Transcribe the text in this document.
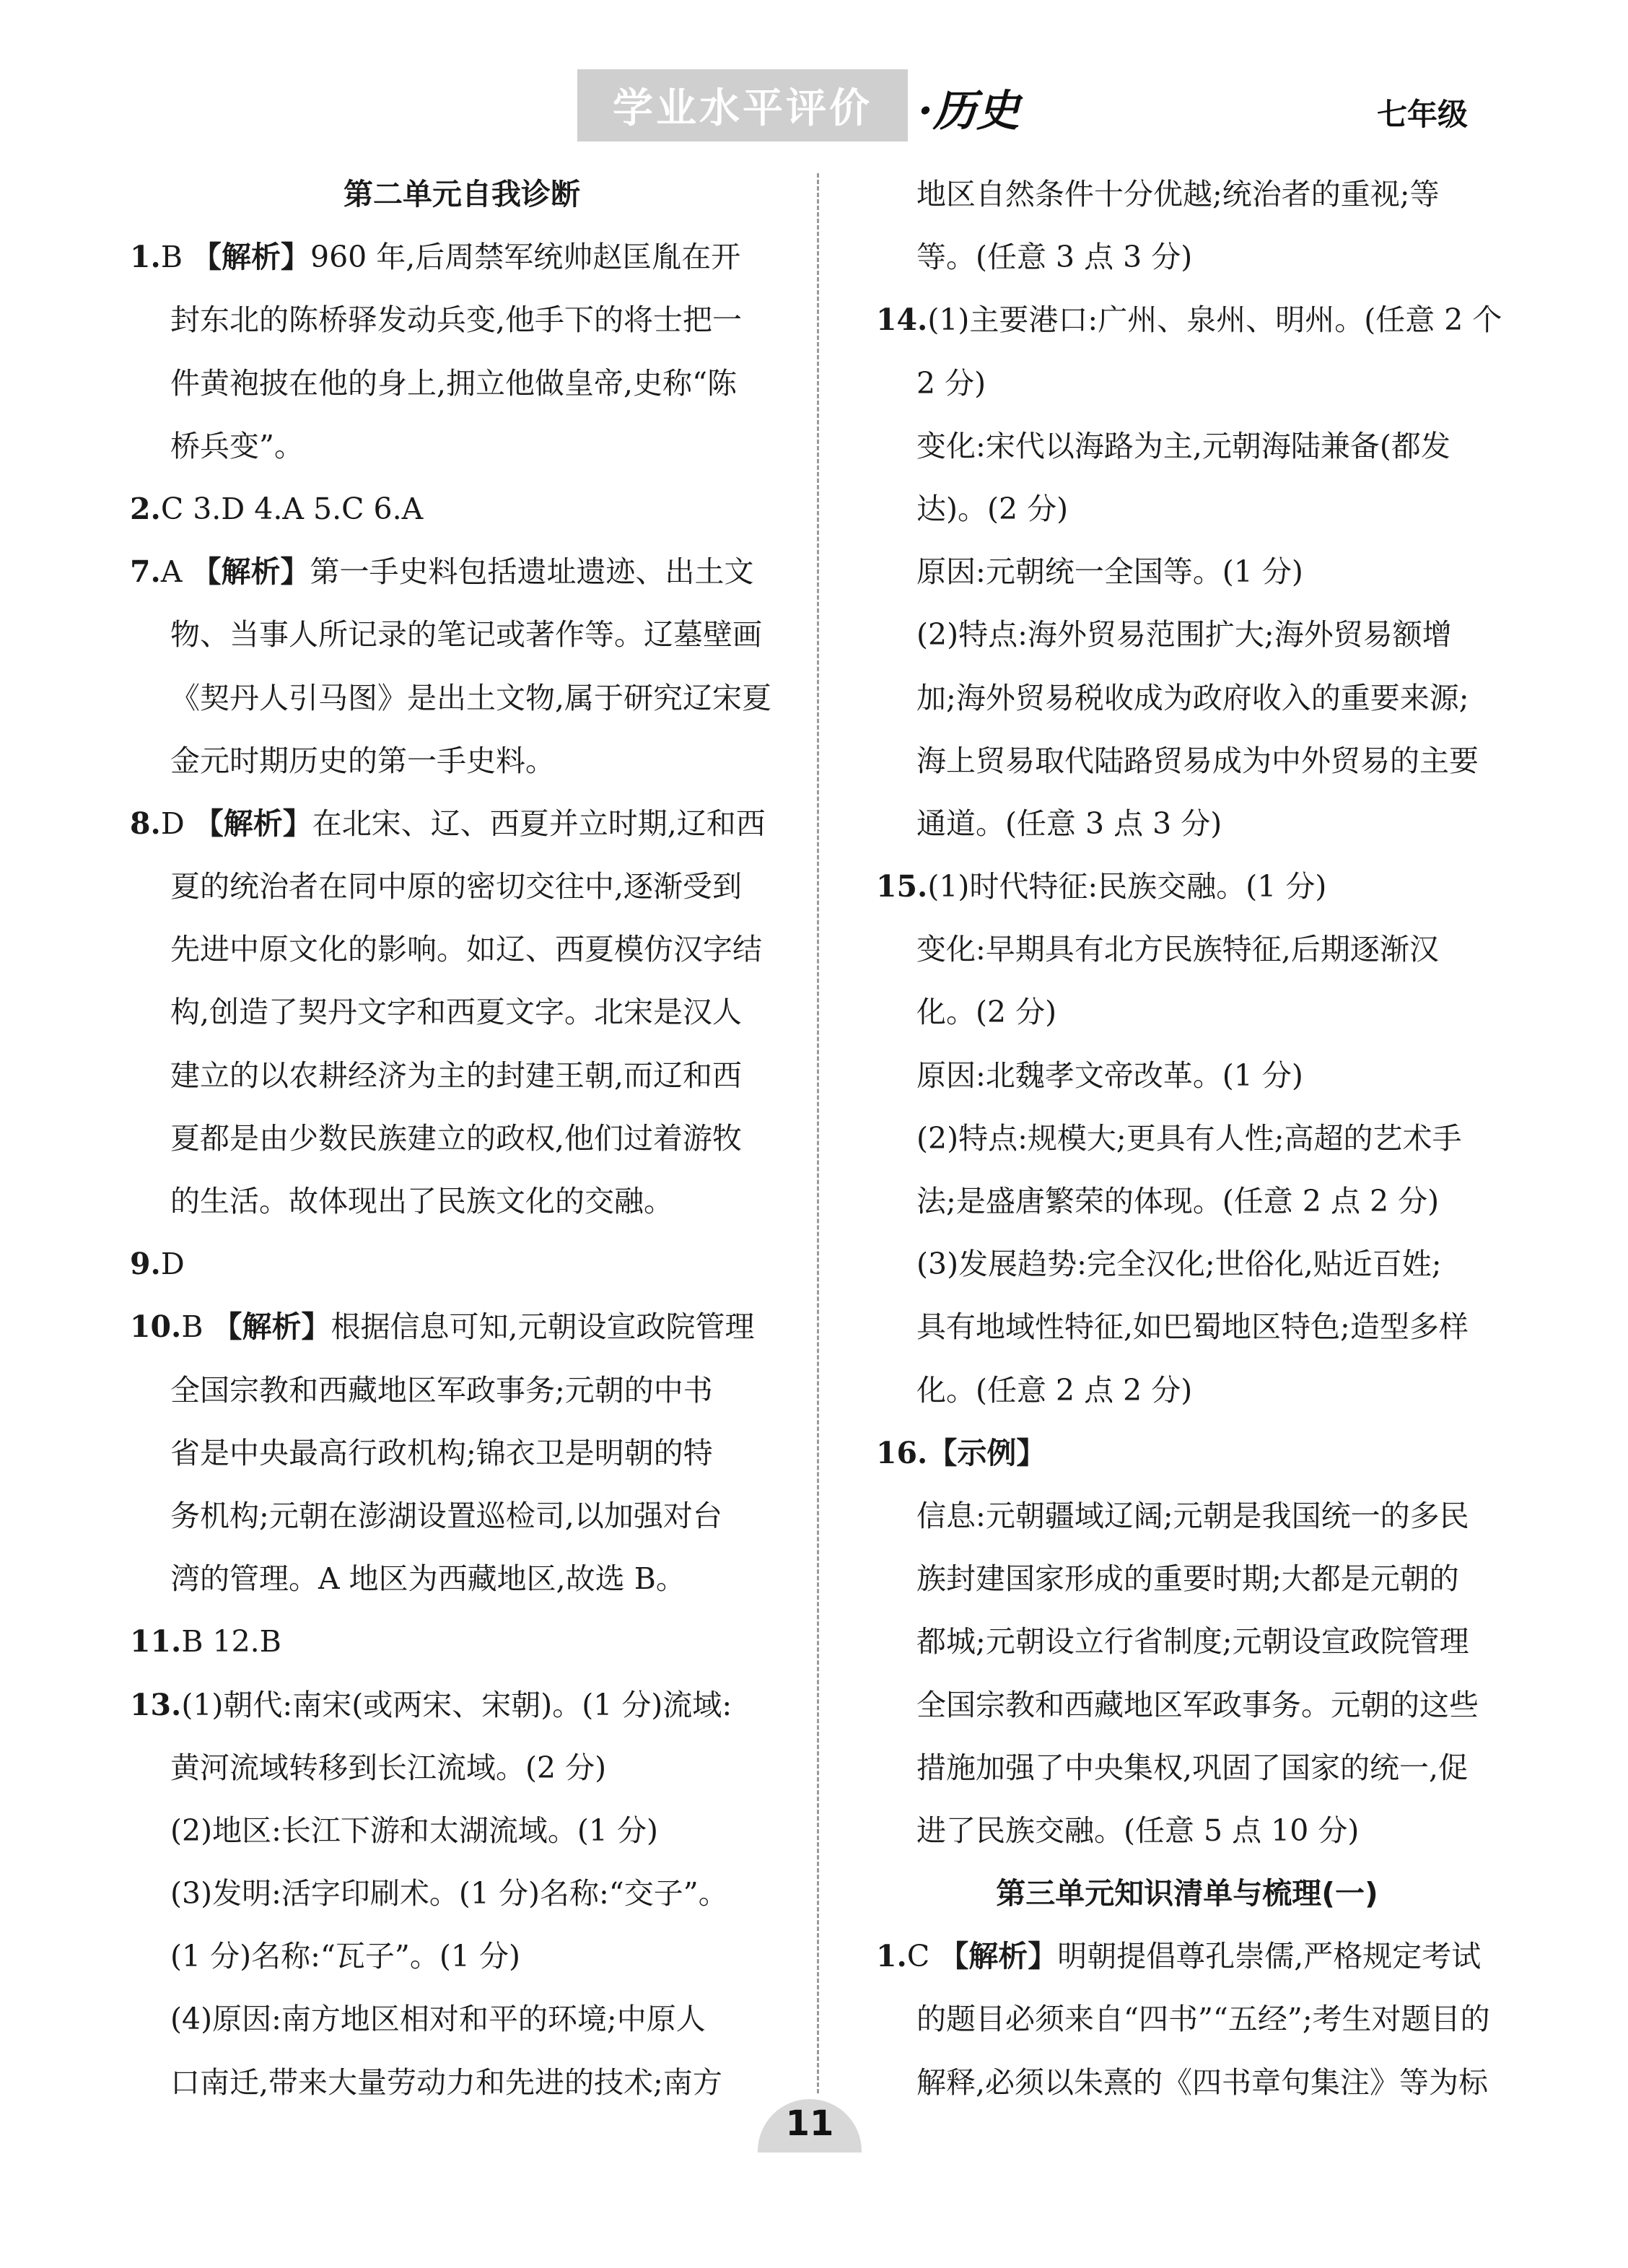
学业水平评价 ·历史	七年级
第二单元自我诊断
1.B 【解析】960 年,后周禁军统帅赵匡胤在开
封东北的陈桥驿发动兵变,他手下的将士把一
件黄袍披在他的身上,拥立他做皇帝,史称“陈
桥兵变”。
2.C 3.D 4.A 5.C 6.A
7.A 【解析】第一手史料包括遗址遗迹、出土文
物、当事人所记录的笔记或著作等。辽墓壁画
《契丹人引马图》是出土文物,属于研究辽宋夏
金元时期历史的第一手史料。
8.D 【解析】在北宋、辽、西夏并立时期,辽和西
夏的统治者在同中原的密切交往中,逐渐受到
先进中原文化的影响。如辽、西夏模仿汉字结
构,创造了契丹文字和西夏文字。北宋是汉人
建立的以农耕经济为主的封建王朝,而辽和西
夏都是由少数民族建立的政权,他们过着游牧
的生活。故体现出了民族文化的交融。
9.D
10.B 【解析】根据信息可知,元朝设宣政院管理
全国宗教和西藏地区军政事务;元朝的中书
省是中央最高行政机构;锦衣卫是明朝的特
务机构;元朝在澎湖设置巡检司,以加强对台
湾的管理。A 地区为西藏地区,故选 B。
11.B 12.B
13.(1)朝代:南宋(或两宋、宋朝)。(1 分)流域:
黄河流域转移到长江流域。(2 分)
(2)地区:长江下游和太湖流域。(1 分)
(3)发明:活字印刷术。(1 分)名称:“交子”。
(1 分)名称:“瓦子”。(1 分)
(4)原因:南方地区相对和平的环境;中原人
口南迁,带来大量劳动力和先进的技术;南方
地区自然条件十分优越;统治者的重视;等
等。(任意 3 点 3 分)
14.(1)主要港口:广州、泉州、明州。(任意 2 个
2 分)
变化:宋代以海路为主,元朝海陆兼备(都发
达)。(2 分)
原因:元朝统一全国等。(1 分)
(2)特点:海外贸易范围扩大;海外贸易额增
加;海外贸易税收成为政府收入的重要来源;
海上贸易取代陆路贸易成为中外贸易的主要
通道。(任意 3 点 3 分)
15.(1)时代特征:民族交融。(1 分)
变化:早期具有北方民族特征,后期逐渐汉
化。(2 分)
原因:北魏孝文帝改革。(1 分)
(2)特点:规模大;更具有人性;高超的艺术手
法;是盛唐繁荣的体现。(任意 2 点 2 分)
(3)发展趋势:完全汉化;世俗化,贴近百姓;
具有地域性特征,如巴蜀地区特色;造型多样
化。(任意 2 点 2 分)
16.【示例】
信息:元朝疆域辽阔;元朝是我国统一的多民
族封建国家形成的重要时期;大都是元朝的
都城;元朝设立行省制度;元朝设宣政院管理
全国宗教和西藏地区军政事务。元朝的这些
措施加强了中央集权,巩固了国家的统一,促
进了民族交融。(任意 5 点 10 分)
第三单元知识清单与梳理(一)
1.C 【解析】明朝提倡尊孔崇儒,严格规定考试
的题目必须来自“四书”“五经”;考生对题目的
解释,必须以朱熹的《四书章句集注》等为标
11
